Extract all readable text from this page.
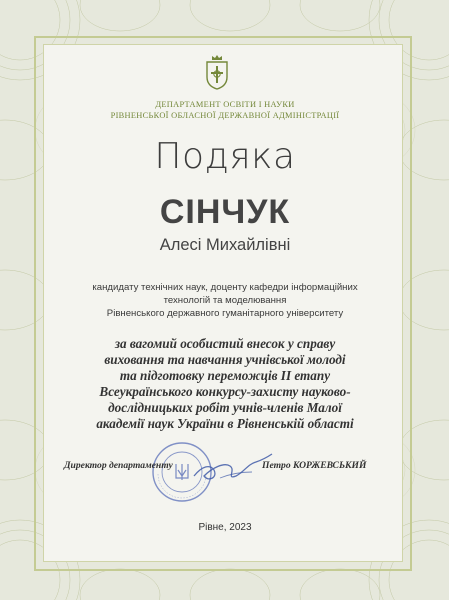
ДЕПАРТАМЕНТ ОСВІТИ І НАУКИ
РІВНЕНСЬКОЇ ОБЛАСНОЇ ДЕРЖАВНОЇ АДМІНІСТРАЦІЇ
Подяка
СІНЧУК
Алесі Михайлівні
кандидату технічних наук, доценту кафедри інформаційних
технологій та моделювання
Рівненського державного гуманітарного університету
за вагомий особистий внесок у справу
виховання та навчання учнівської молоді
та підготовку переможців II етапу
Всеукраїнського конкурсу-захисту науково-
дослідницьких робіт учнів-членів Малої
академії наук України в Рівненській області
Директор департаменту	Петро КОРЖЕВСЬКИЙ
Рівне, 2023
